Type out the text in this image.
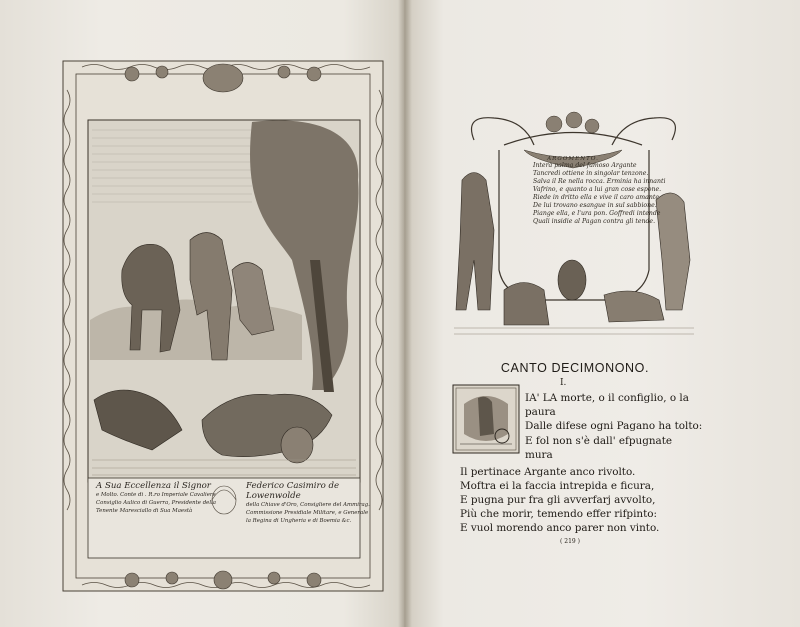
A Sua Eccellenza il Signor
e Molto. Conte di . R.ro Imperiale Cavaliere
Consiglio Aulico di Guerra, Presidente della
Tenente Maresciallo di Sua Maestà
Federico Casimiro de Lowenwolde
della Chiave d'Oro, Consigliere del Ammirag.
Commissione Presidiale Militare, e Generale
la Regina di Ungheria e di Boemia &c.
ARGOMENTO.
Intera palma del famoso Argante
Tancredi ottiene in singolar tenzone.
Salva il Re nella rocca. Erminia ha innanti
Vafrino, e quanto a lui gran cose espone.
Riede in dritto ella e vive il caro amante
De lui trovano esangue in sul sabbione.
Piange ella, e l'ura pon. Goffredi intende
Quali insidie al Pagan contra gli tende.
CANTO DECIMONONO.
I.
IA' LA morte, o il configlio, o la
paura
Dalle difese ogni Pagano ha tolto:
E fol non s'è dall' efpugnate
mura
Il pertinace Argante anco rivolto.
Moftra ei la faccia intrepida e ficura,
E pugna pur fra gli avverfarj avvolto,
Più che morir, temendo effer rifpinto:
E vuol morendo anco parer non vinto.
( 219 )
